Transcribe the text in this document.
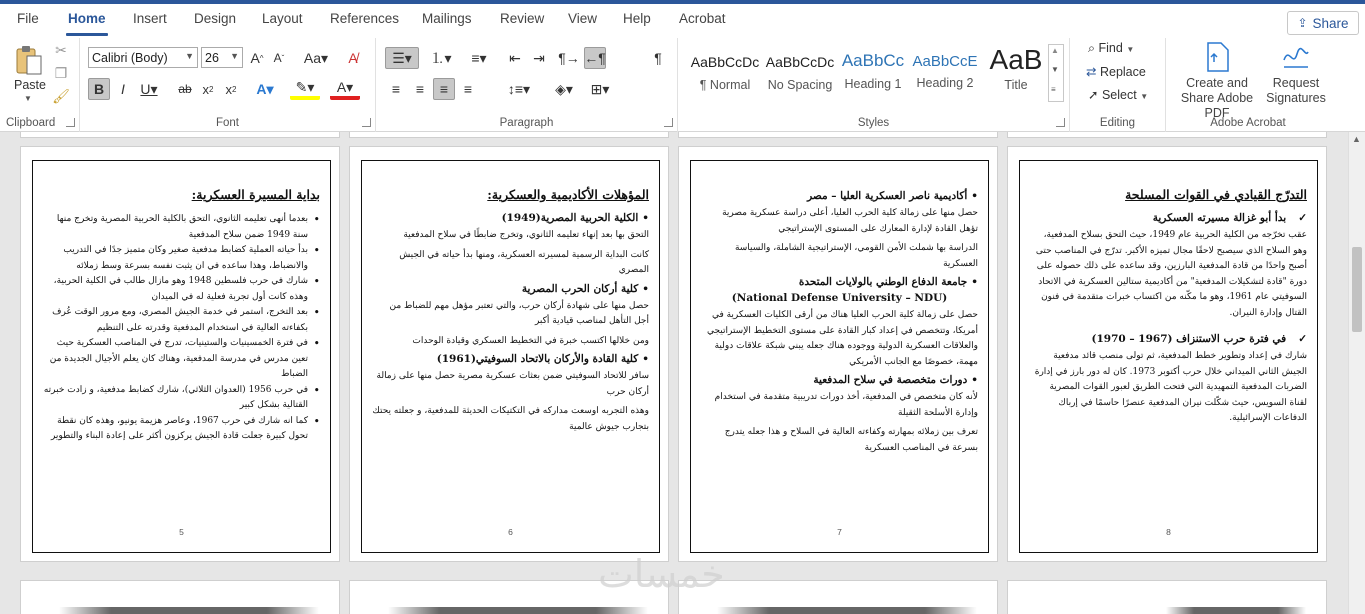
File Home Insert Design Layout References Mailings Review View Help Acrobat	⇪ Share
Paste
▼
✂
❐
🖌
Clipboard
Calibri (Body) ▼ 26 ▼ A ^ A ˇ Aa▾	A̸
B	I	U▾	ab x 2 x 2	A▾	✎▾	A▾
Font
☰▾	⒈▾	≡▾	⇤ ⇥ ¶→ ←¶	¶
≡	≡	≡	≡	↕≡▾	◈▾	⊞▾
Paragraph
AaBbCcDc
¶ Normal
AaBbCcDc
No Spacing
AaBbCc
Heading 1
AaBbCcE
Heading 2
AaB
Title
▲
▼
≡
Styles
⌕ Find ▼
⇄ Replace
➚ Select ▼
Editing
Create and Share Adobe PDF
Request Signatures
Adobe Acrobat
بداية المسيرة العسكرية:
• بعدما أنهى تعليمه الثانوي، التحق بالكلية الحربية المصرية وتخرج منها سنة 1949 ضمن سلاح المدفعية
• بدأ حياته العملية كضابط مدفعية صغير وكان متميز جدًا في التدريب والانضباط، وهذا ساعده في ان يثبت نفسه بسرعة وسط زملائه
• شارك في حرب فلسطين 1948 وهو مازال طالب في الكلية الحربية، وهذه كانت أول تجربة فعلية له في الميدان
• بعد التخرج، استمر في خدمة الجيش المصري، ومع مرور الوقت عُرف بكفاءته العالية في استخدام المدفعية وقدرته على التنظيم
• في فترة الخمسينيات والستينيات، تدرج في المناصب العسكرية حيث تعين مدرس في مدرسة المدفعية، وهناك كان يعلم الأجيال الجديدة من الضباط
• في حرب 1956 (العدوان الثلاثي)، شارك كضابط مدفعية، و زادت خبرته القتالية بشكل كبير
• كما انه شارك في حرب 1967، وعاصر هزيمة يونيو، وهذه كان نقطة تحول كبيرة جعلت قادة الجيش يركزون أكثر على إعادة البناء والتطوير
5
المؤهلات الأكاديمية والعسكرية:
• الكلية الحربية المصرية(1949)
التحق بها بعد إنهاء تعليمه الثانوي، وتخرج ضابطًا في سلاح المدفعية
كانت البداية الرسمية لمسيرته العسكرية، ومنها بدأ حياته في الجيش المصري
• كلية أركان الحرب المصرية
حصل منها على شهادة أركان حرب، والتي تعتبر مؤهل مهم للضباط من أجل التأهل لمناصب قيادية أكبر
ومن خلالها اكتسب خبرة في التخطيط العسكري وقيادة الوحدات
• كلية القادة والأركان بالاتحاد السوفيتي(1961)
سافر للاتحاد السوفيتي ضمن بعثات عسكرية مصرية حصل منها على زمالة أركان حرب
وهذه التجربه اوسعت مداركه في التكتيكات الحديثة للمدفعية، و جعلته يحتك بتجارب جيوش عالمية
6
• أكاديمية ناصر العسكرية العليا – مصر
حصل منها على زمالة كلية الحرب العليا، أعلى دراسة عسكرية مصرية تؤهل القادة لإدارة المعارك على المستوى الإستراتيجي
الدراسة بها شملت الأمن القومي، الإستراتيجية الشاملة، والسياسة العسكرية
• جامعة الدفاع الوطني بالولايات المتحدة
(National Defense University – NDU)
حصل على زمالة كلية الحرب العليا هناك من أرقى الكليات العسكرية في أمريكا، وتتخصص في إعداد كبار القادة على مستوى التخطيط الإستراتيجي والعلاقات العسكرية الدولية ووجوده هناك جعله يبني شبكة علاقات دولية مهمة، خصوصًا مع الجانب الأمريكي
• دورات متخصصة في سلاح المدفعية
لأنه كان متخصص في المدفعية، أخذ دورات تدريبية متقدمة في استخدام وإدارة الأسلحة الثقيلة
تعرف بين زملائه بمهارته وكفاءته العالية في السلاح و هذا جعله يتدرج بسرعة في المناصب العسكرية
7
التدرّج القيادي في القوات المسلحة
✓ بدأ أبو غزالة مسيرته العسكرية
عقب تخرّجه من الكلية الحربية عام 1949، حيث التحق بسلاح المدفعية، وهو السلاح الذي سيصبح لاحقًا مجال تميزه الأكبر. تدرّج في المناصب حتى أصبح واحدًا من قادة المدفعية البارزين، وقد ساعده على ذلك حصوله على دورة "قادة لتشكيلات المدفعية" من أكاديمية ستالين العسكرية في الاتحاد السوفيتي عام 1961، وهو ما مكّنه من اكتساب خبرات متقدمة في فنون القتال وإدارة النيران.
✓ في فترة حرب الاستنزاف (1967 – 1970)
شارك في إعداد وتطوير خطط المدفعية، ثم تولى منصب قائد مدفعية الجيش الثاني الميداني خلال حرب أكتوبر 1973. كان له دور بارز في إدارة الضربات المدفعية التمهيدية التي فتحت الطريق لعبور القوات المصرية لقناة السويس، حيث شكّلت نيران المدفعية عنصرًا حاسمًا في إرباك الدفاعات الإسرائيلية.
8
خمسات
▲
